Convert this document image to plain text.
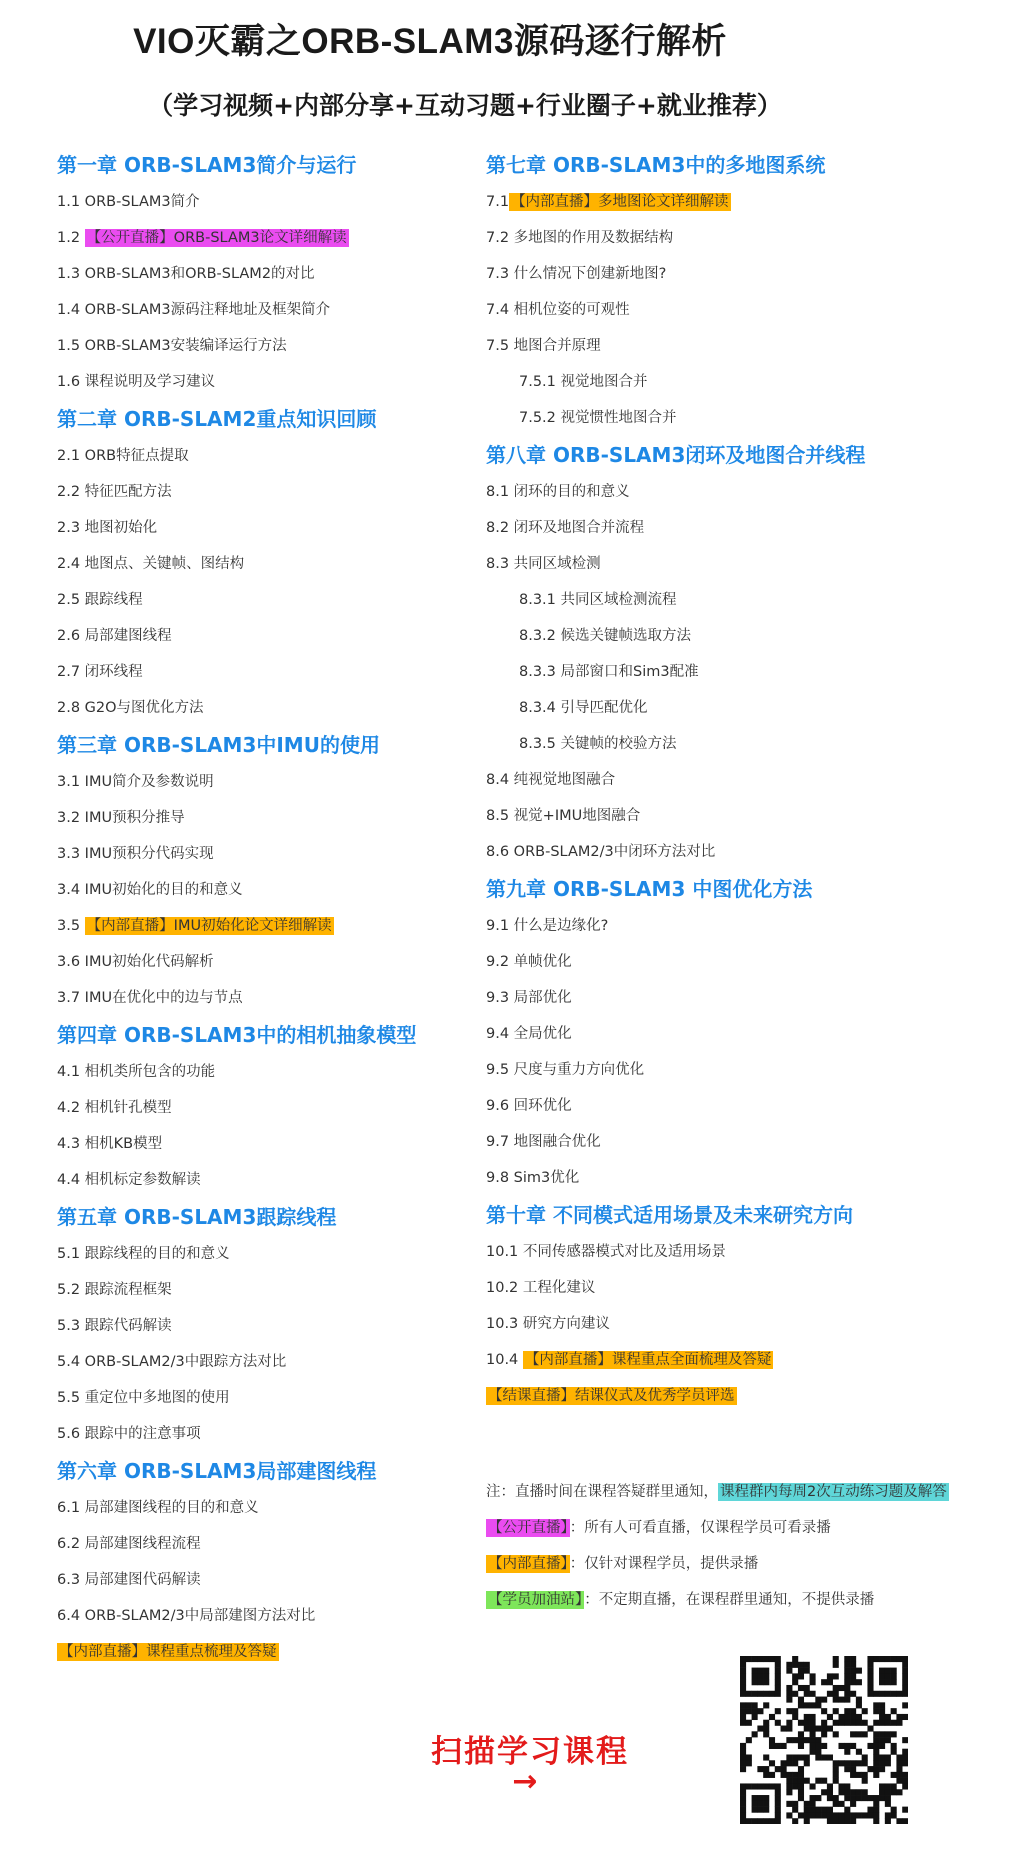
VIO灭霸之ORB-SLAM3源码逐行解析
（学习视频+内部分享+互动习题+行业圈子+就业推荐）
第一章 ORB-SLAM3简介与运行
1.1 ORB-SLAM3简介
1.2 【公开直播】ORB-SLAM3论文详细解读
1.3 ORB-SLAM3和ORB-SLAM2的对比
1.4 ORB-SLAM3源码注释地址及框架简介
1.5 ORB-SLAM3安装编译运行方法
1.6 课程说明及学习建议
第二章 ORB-SLAM2重点知识回顾
2.1 ORB特征点提取
2.2 特征匹配方法
2.3 地图初始化
2.4 地图点、关键帧、图结构
2.5 跟踪线程
2.6 局部建图线程
2.7 闭环线程
2.8 G2O与图优化方法
第三章 ORB-SLAM3中IMU的使用
3.1 IMU简介及参数说明
3.2 IMU预积分推导
3.3 IMU预积分代码实现
3.4 IMU初始化的目的和意义
3.5 【内部直播】IMU初始化论文详细解读
3.6 IMU初始化代码解析
3.7 IMU在优化中的边与节点
第四章 ORB-SLAM3中的相机抽象模型
4.1 相机类所包含的功能
4.2 相机针孔模型
4.3 相机KB模型
4.4 相机标定参数解读
第五章 ORB-SLAM3跟踪线程
5.1 跟踪线程的目的和意义
5.2 跟踪流程框架
5.3 跟踪代码解读
5.4 ORB-SLAM2/3中跟踪方法对比
5.5 重定位中多地图的使用
5.6 跟踪中的注意事项
第六章 ORB-SLAM3局部建图线程
6.1 局部建图线程的目的和意义
6.2 局部建图线程流程
6.3 局部建图代码解读
6.4 ORB-SLAM2/3中局部建图方法对比
【内部直播】课程重点梳理及答疑
第七章 ORB-SLAM3中的多地图系统
7.1 【内部直播】多地图论文详细解读
7.2 多地图的作用及数据结构
7.3 什么情况下创建新地图?
7.4 相机位姿的可观性
7.5 地图合并原理
7.5.1 视觉地图合并
7.5.2 视觉惯性地图合并
第八章 ORB-SLAM3闭环及地图合并线程
8.1 闭环的目的和意义
8.2 闭环及地图合并流程
8.3 共同区域检测
8.3.1 共同区域检测流程
8.3.2 候选关键帧选取方法
8.3.3 局部窗口和Sim3配准
8.3.4 引导匹配优化
8.3.5 关键帧的校验方法
8.4 纯视觉地图融合
8.5 视觉+IMU地图融合
8.6 ORB-SLAM2/3中闭环方法对比
第九章 ORB-SLAM3 中图优化方法
9.1 什么是边缘化?
9.2 单帧优化
9.3 局部优化
9.4 全局优化
9.5 尺度与重力方向优化
9.6 回环优化
9.7 地图融合优化
9.8 Sim3优化
第十章 不同模式适用场景及未来研究方向
10.1 不同传感器模式对比及适用场景
10.2 工程化建议
10.3 研究方向建议
10.4 【内部直播】课程重点全面梳理及答疑
【结课直播】结课仪式及优秀学员评选
注：直播时间在课程答疑群里通知， 课程群内每周2次互动练习题及解答
【公开直播】 ：所有人可看直播，仅课程学员可看录播
【内部直播】 ：仅针对课程学员，提供录播
【学员加油站】 ：不定期直播，在课程群里通知，不提供录播
扫描学习课程
→
